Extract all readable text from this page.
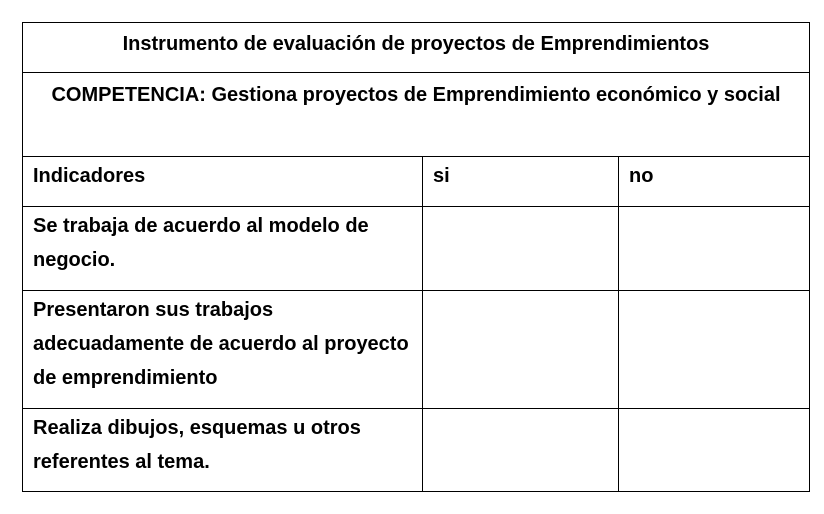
Instrumento de evaluación de proyectos de Emprendimientos		
COMPETENCIA: Gestiona proyectos de Emprendimiento económico y social		
Indicadores	si	no
Se trabaja de acuerdo al modelo de negocio.		
Presentaron sus trabajos adecuadamente de acuerdo al proyecto de emprendimiento		
Realiza dibujos, esquemas u otros referentes al tema.		
